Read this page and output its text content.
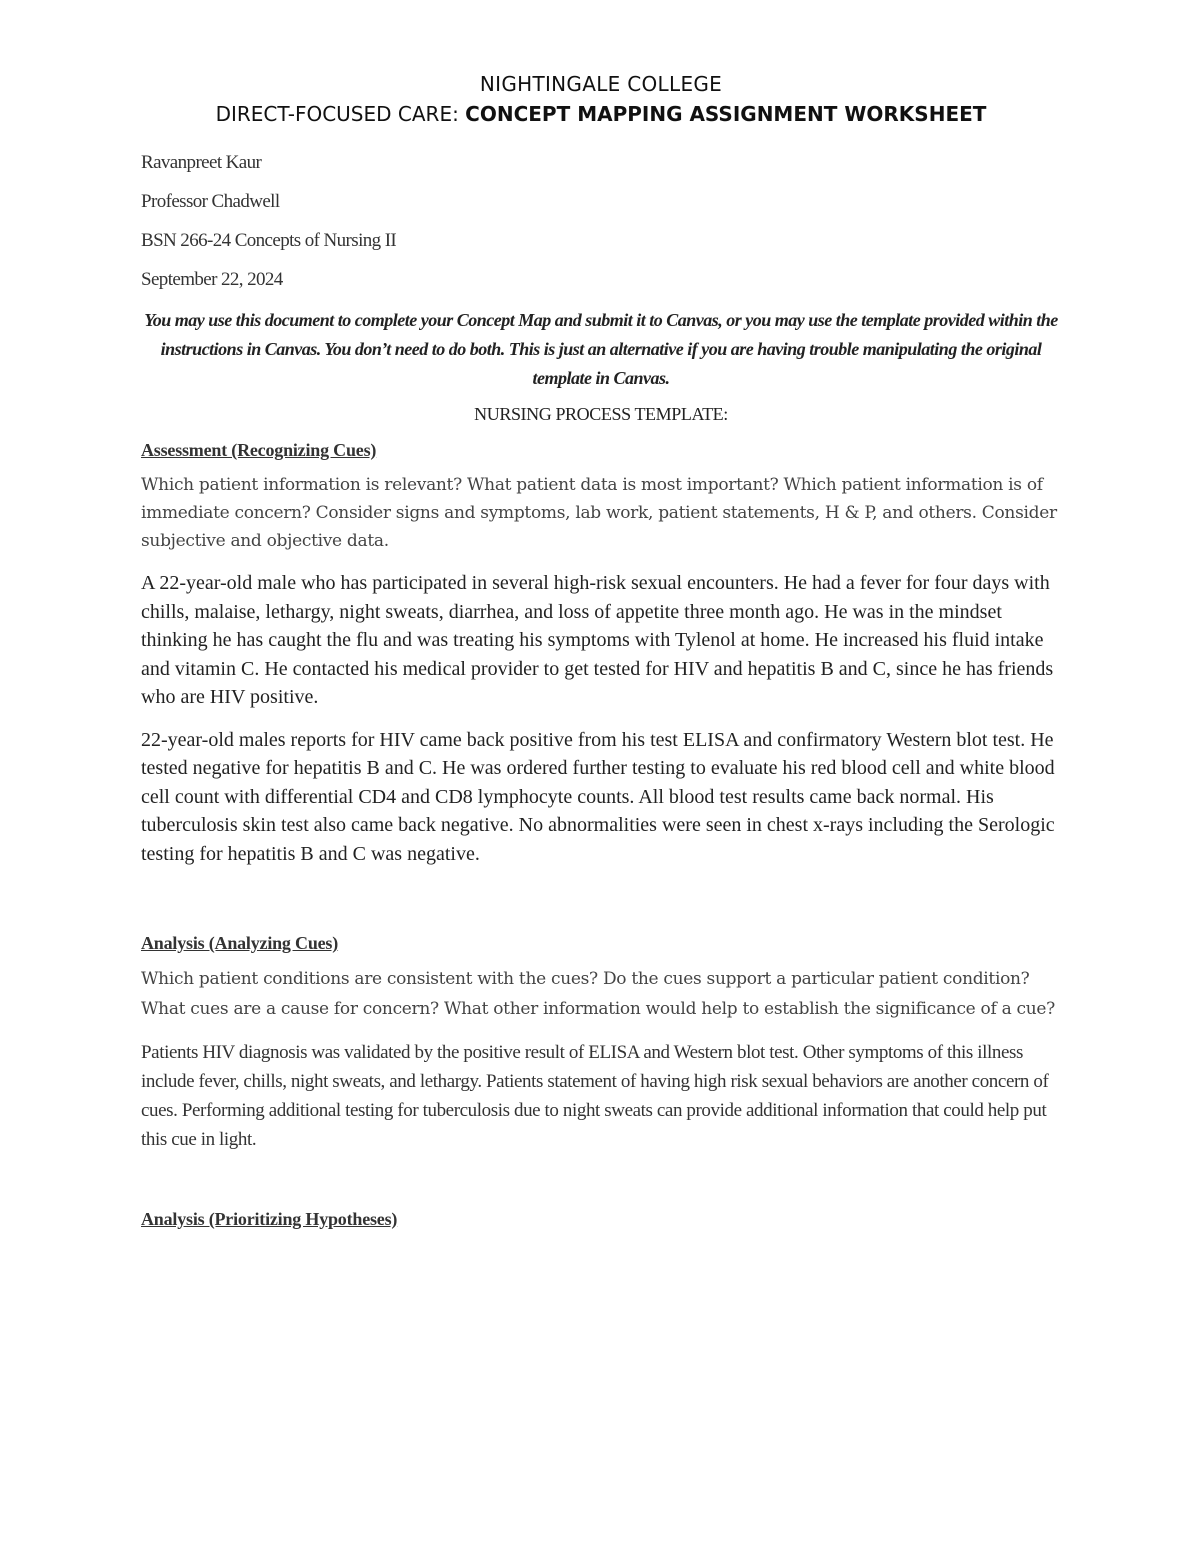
NIGHTINGALE COLLEGE
DIRECT-FOCUSED CARE: CONCEPT MAPPING ASSIGNMENT WORKSHEET

Ravanpreet Kaur

Professor Chadwell

BSN 266-24 Concepts of Nursing II

September 22, 2024

You may use this document to complete your Concept Map and submit it to Canvas, or you may use the template provided within the instructions in Canvas. You don’t need to do both. This is just an alternative if you are having trouble manipulating the original template in Canvas.
NURSING PROCESS TEMPLATE:
Assessment (Recognizing Cues)

Which patient information is relevant? What patient data is most important? Which patient information is of immediate concern? Consider signs and symptoms, lab work, patient statements, H & P, and others. Consider subjective and objective data.

A 22-year-old male who has participated in several high-risk sexual encounters. He had a fever for four days with chills, malaise, lethargy, night sweats, diarrhea, and loss of appetite three month ago. He was in the mindset thinking he has caught the flu and was treating his symptoms with Tylenol at home. He increased his fluid intake and vitamin C. He contacted his medical provider to get tested for HIV and hepatitis B and C, since he has friends who are HIV positive.

22-year-old males reports for HIV came back positive from his test ELISA and confirmatory Western blot test. He tested negative for hepatitis B and C. He was ordered further testing to evaluate his red blood cell and white blood cell count with differential CD4 and CD8 lymphocyte counts. All blood test results came back normal. His tuberculosis skin test also came back negative. No abnormalities were seen in chest x-rays including the Serologic testing for hepatitis B and C was negative.

Analysis (Analyzing Cues)

Which patient conditions are consistent with the cues? Do the cues support a particular patient condition? What cues are a cause for concern? What other information would help to establish the significance of a cue?

Patients HIV diagnosis was validated by the positive result of ELISA and Western blot test. Other symptoms of this illness include fever, chills, night sweats, and lethargy. Patients statement of having high risk sexual behaviors are another concern of cues. Performing additional testing for tuberculosis due to night sweats can provide additional information that could help put this cue in light.

Analysis (Prioritizing Hypotheses)
